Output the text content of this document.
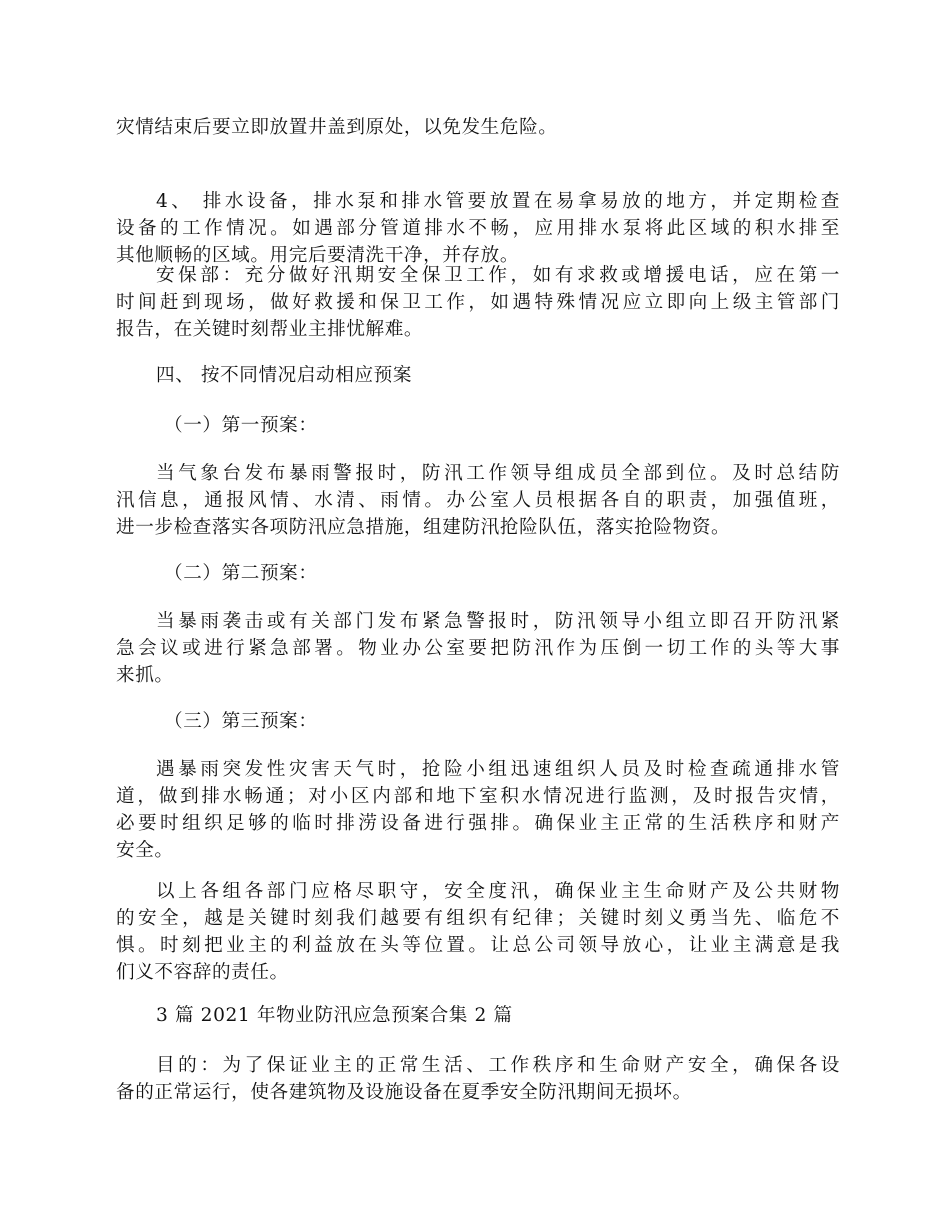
灾情结束后要立即放置井盖到原处，以免发生危险。
4、 排水设备，排水泵和排水管要放置在易拿易放的地方，并定期检查
设备的工作情况。如遇部分管道排水不畅，应用排水泵将此区域的积水排至
其他顺畅的区域。用完后要清洗干净，并存放。
安保部：充分做好汛期安全保卫工作，如有求救或增援电话，应在第一
时间赶到现场，做好救援和保卫工作，如遇特殊情况应立即向上级主管部门
报告，在关键时刻帮业主排忧解难。
四、 按不同情况启动相应预案
（一）第一预案：
当气象台发布暴雨警报时，防汛工作领导组成员全部到位。及时总结防
汛信息，通报风情、水清、雨情。办公室人员根据各自的职责，加强值班，
进一步检查落实各项防汛应急措施，组建防汛抢险队伍，落实抢险物资。
（二）第二预案：
当暴雨袭击或有关部门发布紧急警报时，防汛领导小组立即召开防汛紧
急会议或进行紧急部署。物业办公室要把防汛作为压倒一切工作的头等大事
来抓。
（三）第三预案：
遇暴雨突发性灾害天气时，抢险小组迅速组织人员及时检查疏通排水管
道，做到排水畅通；对小区内部和地下室积水情况进行监测，及时报告灾情，
必要时组织足够的临时排涝设备进行强排。确保业主正常的生活秩序和财产
安全。
以上各组各部门应格尽职守，安全度汛，确保业主生命财产及公共财物
的安全，越是关键时刻我们越要有组织有纪律；关键时刻义勇当先、临危不
惧。时刻把业主的利益放在头等位置。让总公司领导放心，让业主满意是我
们义不容辞的责任。
3 篇 2021 年物业防汛应急预案合集 2 篇
目的：为了保证业主的正常生活、工作秩序和生命财产安全，确保各设
备的正常运行，使各建筑物及设施设备在夏季安全防汛期间无损坏。
